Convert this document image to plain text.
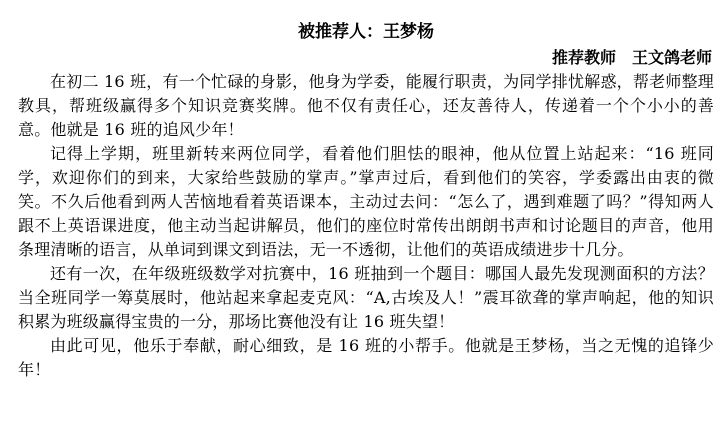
被推荐人：王梦杨
推荐教师 王文鸽老师

在初二 16 班，有一个忙碌的身影，他身为学委，能履行职责，为同学排忧解惑，帮老师整理教具，帮班级赢得多个知识竞赛奖牌。他不仅有责任心，还友善待人，传递着一个个小小的善意。他就是 16 班的追风少年！

记得上学期，班里新转来两位同学，看着他们胆怯的眼神，他从位置上站起来：“16 班同学，欢迎你们的到来，大家给些鼓励的掌声。”掌声过后，看到他们的笑容，学委露出由衷的微笑。不久后他看到两人苦恼地看着英语课本，主动过去问：“怎么了，遇到难题了吗？”得知两人跟不上英语课进度，他主动当起讲解员，他们的座位时常传出朗朗书声和讨论题目的声音，他用条理清晰的语言，从单词到课文到语法，无一不透彻，让他们的英语成绩进步十几分。

还有一次，在年级班级数学对抗赛中，16 班抽到一个题目：哪国人最先发现测面积的方法？当全班同学一筹莫展时，他站起来拿起麦克风：“A,古埃及人！”震耳欲聋的掌声响起，他的知识积累为班级赢得宝贵的一分，那场比赛他没有让 16 班失望！

由此可见，他乐于奉献，耐心细致，是 16 班的小帮手。他就是王梦杨，当之无愧的追锋少年！
